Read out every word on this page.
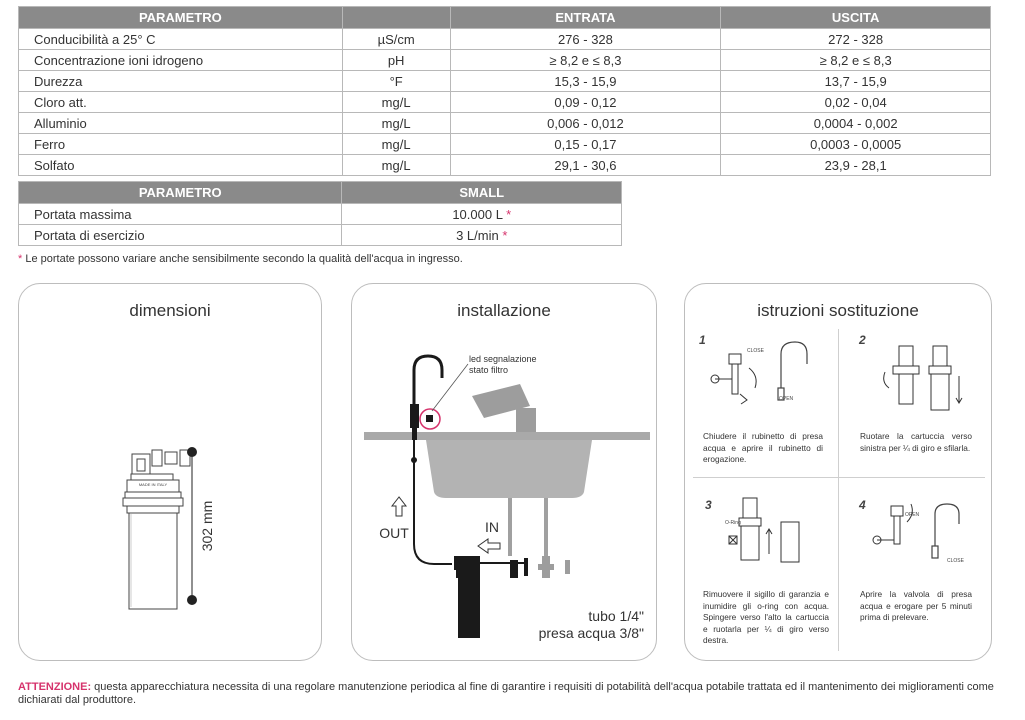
PARAMETRO		ENTRATA	USCITA
Conducibilità a 25° C	µS/cm	276 - 328	272 - 328
Concentrazione ioni idrogeno	pH	≥ 8,2 e ≤ 8,3	≥ 8,2 e ≤ 8,3
Durezza	°F	15,3 - 15,9	13,7 - 15,9
Cloro att.	mg/L	0,09 - 0,12	0,02 - 0,04
Alluminio	mg/L	0,006 - 0,012	0,0004 - 0,002
Ferro	mg/L	0,15 - 0,17	0,0003 - 0,0005
Solfato	mg/L	29,1 - 30,6	23,9 - 28,1
PARAMETRO	SMALL
Portata massima	10.000 L *
Portata di esercizio	3 L/min *
* Le portate possono variare anche sensibilmente secondo la qualità dell'acqua in ingresso.
dimensioni
MADE IN ITALY
302 mm
installazione
led segnalazione
stato filtro
OUT	IN
tubo 1/4"
presa acqua 3/8"
istruzioni sostituzione
CLOSE
OPEN
O-Ring
OPEN
CLOSE
1
Chiudere il rubinetto di presa acqua e aprire il rubinetto di erogazione.
2
Ruotare la cartuccia verso sinistra per ¼ di giro e sfilarla.
3
Rimuovere il sigillo di garanzia e inumidire gli o-ring con acqua. Spingere verso l'alto la cartuccia e ruotarla per ¼ di giro verso destra.
4
Aprire la valvola di presa acqua e erogare per 5 minuti prima di prelevare.
ATTENZIONE: questa apparecchiatura necessita di una regolare manutenzione periodica al fine di garantire i requisiti di potabilità dell'acqua potabile trattata ed il mantenimento dei miglioramenti come dichiarati dal produttore.
